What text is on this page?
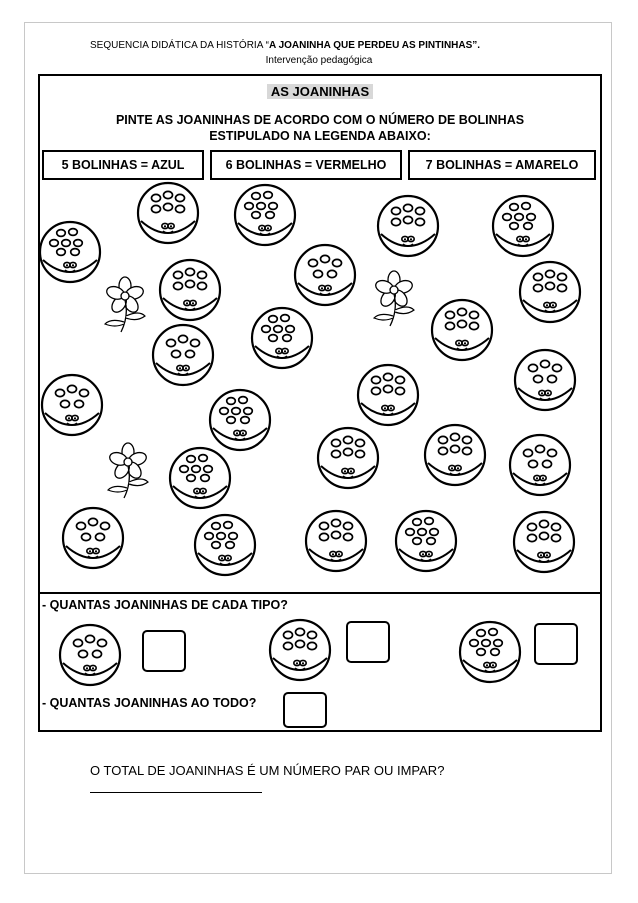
SEQUENCIA DIDÁTICA DA HISTÓRIA “A JOANINHA QUE PERDEU AS PINTINHAS”.
Intervenção pedagógica
AS JOANINHAS
PINTE AS JOANINHAS DE ACORDO COM O NÚMERO DE BOLINHAS
ESTIPULADO NA LEGENDA ABAIXO:
5 BOLINHAS = AZUL	6 BOLINHAS = VERMELHO	7 BOLINHAS = AMARELO
- QUANTAS JOANINHAS DE CADA TIPO?
- QUANTAS JOANINHAS AO TODO?
O TOTAL DE JOANINHAS É UM NÚMERO PAR OU IMPAR?
